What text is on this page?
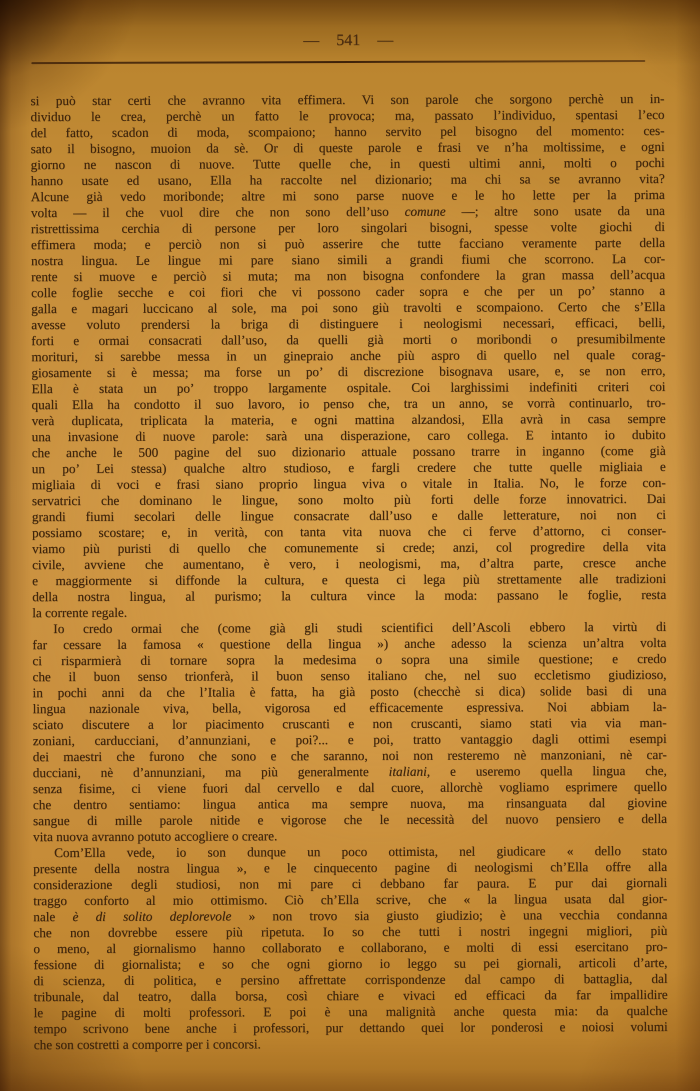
— 541 —
si può star certi che avranno vita effimera. Vi son parole che sorgono perchè un in-
dividuo le crea, perchè un fatto le provoca; ma, passato l’individuo, spentasi l’eco
del fatto, scadon di moda, scompaiono; hanno servito pel bisogno del momento: ces-
sato il bisogno, muoion da sè. Or di queste parole e frasi ve n’ha moltissime, e ogni
giorno ne nascon di nuove. Tutte quelle che, in questi ultimi anni, molti o pochi
hanno usate ed usano, Ella ha raccolte nel dizionario; ma chi sa se avranno vita?
Alcune già vedo moribonde; altre mi sono parse nuove e le ho lette per la prima
volta — il che vuol dire che non sono dell’uso comune —; altre sono usate da una
ristrettissima cerchia di persone per loro singolari bisogni, spesse volte giochi di
effimera moda; e perciò non si può asserire che tutte facciano veramente parte della
nostra lingua. Le lingue mi pare siano simili a grandi fiumi che scorrono. La cor-
rente si muove e perciò si muta; ma non bisogna confondere la gran massa dell’acqua
colle foglie secche e coi fiori che vi possono cader sopra e che per un po’ stanno a
galla e magari luccicano al sole, ma poi sono giù travolti e scompaiono. Certo che s’Ella
avesse voluto prendersi la briga di distinguere i neologismi necessari, efficaci, belli,
forti e ormai consacrati dall’uso, da quelli già morti o moribondi o presumibilmente
morituri, si sarebbe messa in un ginepraio anche più aspro di quello nel quale corag-
giosamente si è messa; ma forse un po’ di discrezione bisognava usare, e, se non erro,
Ella è stata un po’ troppo largamente ospitale. Coi larghissimi indefiniti criteri coi
quali Ella ha condotto il suo lavoro, io penso che, tra un anno, se vorrà continuarlo, tro-
verà duplicata, triplicata la materia, e ogni mattina alzandosi, Ella avrà in casa sempre
una invasione di nuove parole: sarà una disperazione, caro collega. E intanto io dubito
che anche le 500 pagine del suo dizionario attuale possano trarre in inganno (come già
un po’ Lei stessa) qualche altro studioso, e fargli credere che tutte quelle migliaia e
migliaia di voci e frasi siano proprio lingua viva o vitale in Italia. No, le forze con-
servatrici che dominano le lingue, sono molto più forti delle forze innovatrici. Dai
grandi fiumi secolari delle lingue consacrate dall’uso e dalle letterature, noi non ci
possiamo scostare; e, in verità, con tanta vita nuova che ci ferve d’attorno, ci conser-
viamo più puristi di quello che comunemente si crede; anzi, col progredire della vita
civile, avviene che aumentano, è vero, i neologismi, ma, d’altra parte, cresce anche
e maggiormente si diffonde la cultura, e questa ci lega più strettamente alle tradizioni
della nostra lingua, al purismo; la cultura vince la moda: passano le foglie, resta
la corrente regale.
Io credo ormai che (come già gli studi scientifici dell’Ascoli ebbero la virtù di
far cessare la famosa « questione della lingua ») anche adesso la scienza un’altra volta
ci risparmierà di tornare sopra la medesima o sopra una simile questione; e credo
che il buon senso trionferà, il buon senso italiano che, nel suo eccletismo giudizioso,
in pochi anni da che l’Italia è fatta, ha già posto (checchè si dica) solide basi di una
lingua nazionale viva, bella, vigorosa ed efficacemente espressiva. Noi abbiam la-
sciato discutere a lor piacimento cruscanti e non cruscanti, siamo stati via via man-
zoniani, carducciani, d’annunziani, e poi?... e poi, tratto vantaggio dagli ottimi esempi
dei maestri che furono che sono e che saranno, noi non resteremo nè manzoniani, nè car-
ducciani, nè d’annunziani, ma più generalmente italiani, e useremo quella lingua che,
senza fisime, ci viene fuori dal cervello e dal cuore, allorchè vogliamo esprimere quello
che dentro sentiamo: lingua antica ma sempre nuova, ma rinsanguata dal giovine
sangue di mille parole nitide e vigorose che le necessità del nuovo pensiero e della
vita nuova avranno potuto accogliere o creare.
Com’Ella vede, io son dunque un poco ottimista, nel giudicare « dello stato
presente della nostra lingua », e le cinquecento pagine di neologismi ch’Ella offre alla
considerazione degli studiosi, non mi pare ci debbano far paura. E pur dai giornali
traggo conforto al mio ottimismo. Ciò ch’Ella scrive, che « la lingua usata dal gior-
nale è di solito deplorevole » non trovo sia giusto giudizio; è una vecchia condanna
che non dovrebbe essere più ripetuta. Io so che tutti i nostri ingegni migliori, più
o meno, al giornalismo hanno collaborato e collaborano, e molti di essi esercitano pro-
fessione di giornalista; e so che ogni giorno io leggo su pei giornali, articoli d’arte,
di scienza, di politica, e persino affrettate corrispondenze dal campo di battaglia, dal
tribunale, dal teatro, dalla borsa, così chiare e vivaci ed efficaci da far impallidire
le pagine di molti professori. E poi è una malignità anche questa mia: da qualche
tempo scrivono bene anche i professori, pur dettando quei lor ponderosi e noiosi volumi
che son costretti a comporre per i concorsi.
